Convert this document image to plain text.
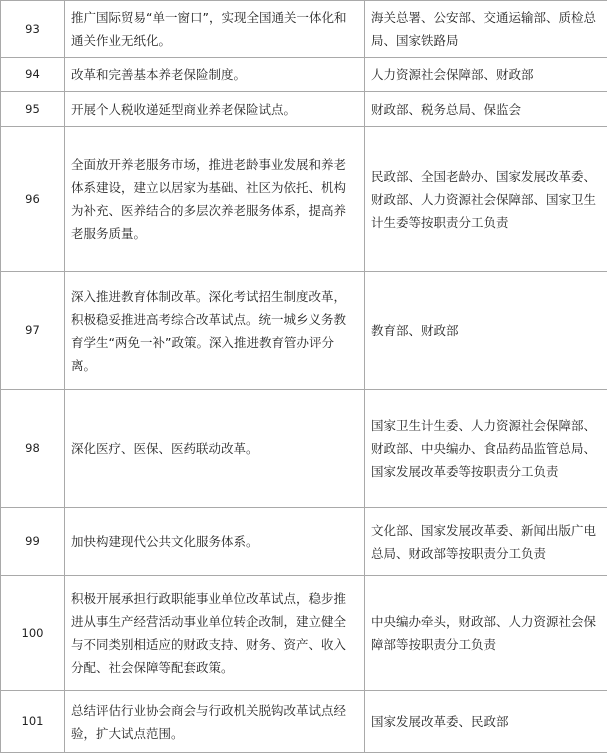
93	推广国际贸易“单一窗口”，实现全国通关一体化和通关作业无纸化。	海关总署、公安部、交通运输部、质检总局、国家铁路局
94	改革和完善基本养老保险制度。	人力资源社会保障部、财政部
95	开展个人税收递延型商业养老保险试点。	财政部、税务总局、保监会
96	全面放开养老服务市场，推进老龄事业发展和养老体系建设，建立以居家为基础、社区为依托、机构为补充、医养结合的多层次养老服务体系，提高养老服务质量。	民政部、全国老龄办、国家发展改革委、财政部、人力资源社会保障部、国家卫生计生委等按职责分工负责
97	深入推进教育体制改革。深化考试招生制度改革，积极稳妥推进高考综合改革试点。统一城乡义务教育学生“两免一补”政策。深入推进教育管办评分离。	教育部、财政部
98	深化医疗、医保、医药联动改革。	国家卫生计生委、人力资源社会保障部、财政部、中央编办、食品药品监管总局、国家发展改革委等按职责分工负责
99	加快构建现代公共文化服务体系。	文化部、国家发展改革委、新闻出版广电总局、财政部等按职责分工负责
100	积极开展承担行政职能事业单位改革试点，稳步推进从事生产经营活动事业单位转企改制，建立健全与不同类别相适应的财政支持、财务、资产、收入分配、社会保障等配套政策。	中央编办牵头，财政部、人力资源社会保障部等按职责分工负责
101	总结评估行业协会商会与行政机关脱钩改革试点经验，扩大试点范围。	国家发展改革委、民政部
